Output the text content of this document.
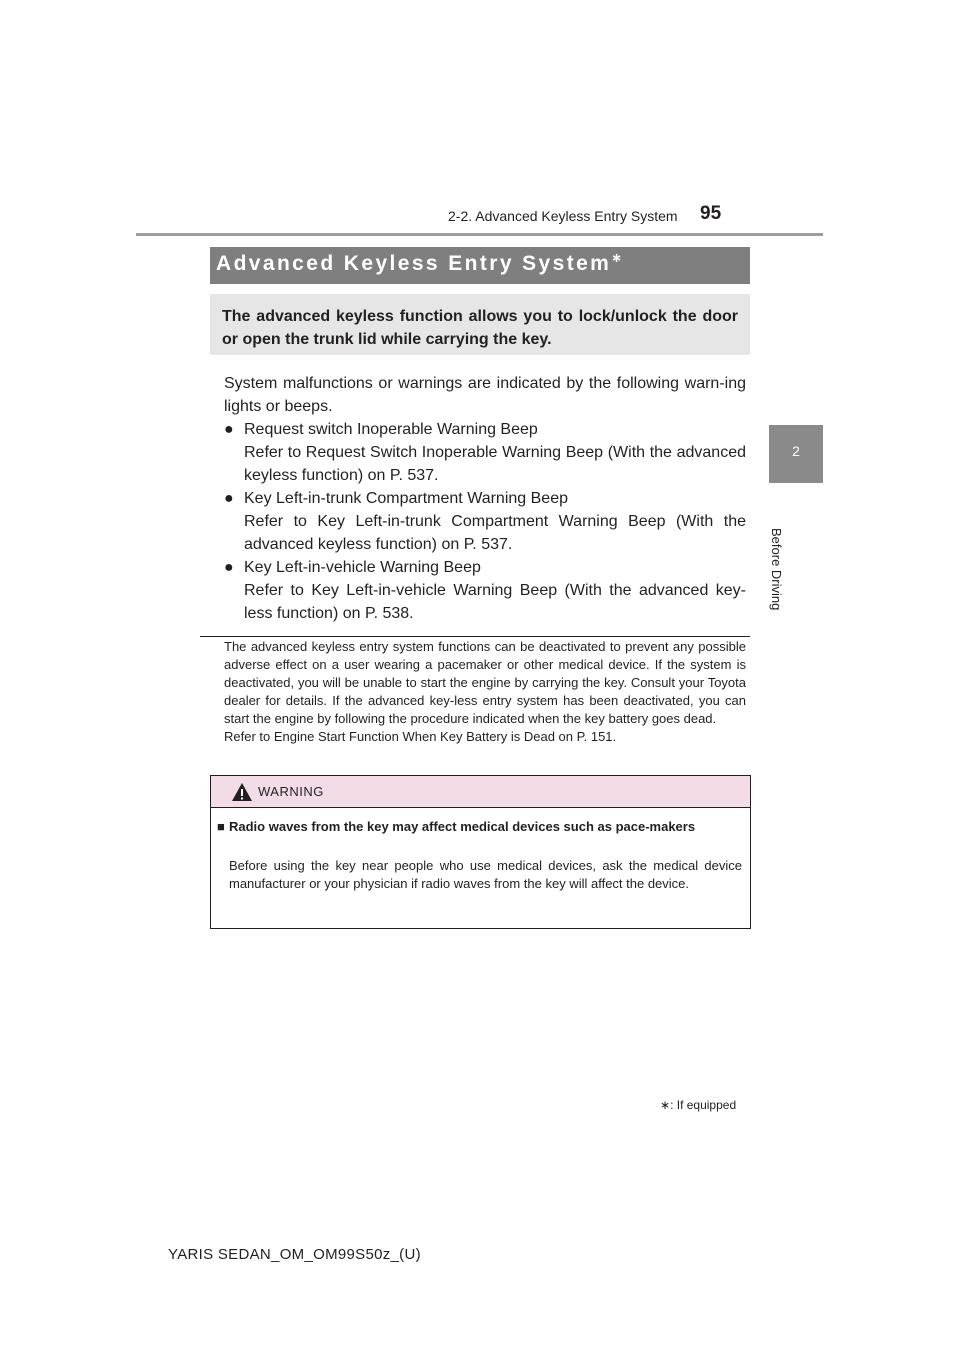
2-2. Advanced Keyless Entry System	95
2
Before Driving
Advanced Keyless Entry System∗
The advanced keyless function allows you to lock/unlock the door or open the trunk lid while carrying the key.

System malfunctions or warnings are indicated by the following warn-ing lights or beeps.

● Request switch Inoperable Warning Beep
Refer to Request Switch Inoperable Warning Beep (With the advanced keyless function) on P. 537.
● Key Left-in-trunk Compartment Warning Beep
Refer to Key Left-in-trunk Compartment Warning Beep (With the advanced keyless function) on P. 537.
● Key Left-in-vehicle Warning Beep
Refer to Key Left-in-vehicle Warning Beep (With the advanced key-less function) on P. 538.
The advanced keyless entry system functions can be deactivated to prevent any possible adverse effect on a user wearing a pacemaker or other medical device. If the system is deactivated, you will be unable to start the engine by carrying the key. Consult your Toyota dealer for details. If the advanced key-less entry system has been deactivated, you can start the engine by following the procedure indicated when the key battery goes dead.
Refer to Engine Start Function When Key Battery is Dead on P. 151.
WARNING
■ Radio waves from the key may affect medical devices such as pace-makers
Before using the key near people who use medical devices, ask the medical device manufacturer or your physician if radio waves from the key will affect the device.
∗: If equipped
YARIS SEDAN_OM_OM99S50z_(U)
